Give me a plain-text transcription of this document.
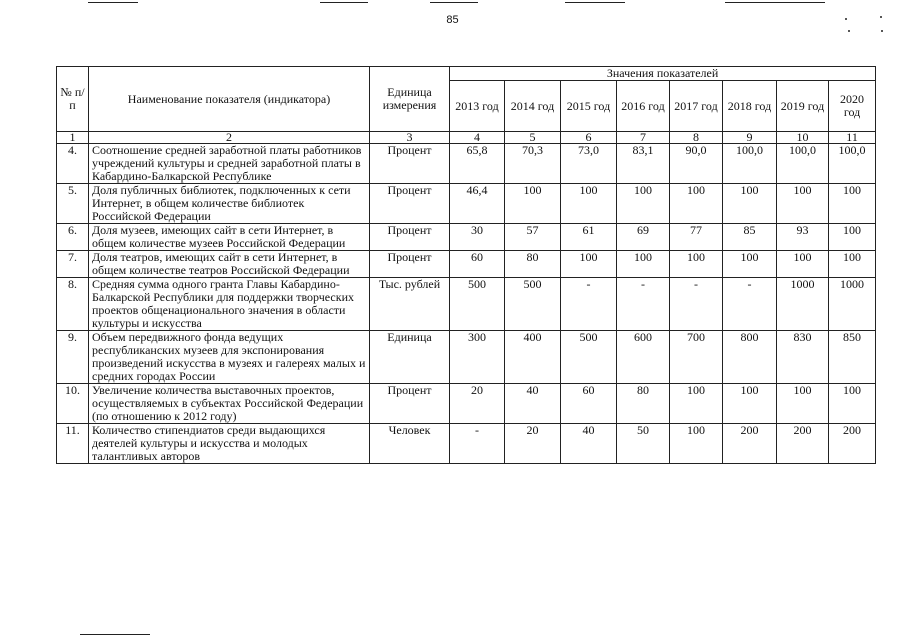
85
№ п/п	Наименование показателя (индикатора)	Единица измерения	Значения показателей							
			2013 год	2014 год	2015 год	2016 год	2017 год	2018 год	2019 год	2020 год
1	2	3	4	5	6	7	8	9	10	11
4.	Соотношение средней заработной платы работников учреждений культуры и средней заработной платы в Кабардино-Балкарской Республике	Процент	65,8	70,3	73,0	83,1	90,0	100,0	100,0	100,0
5.	Доля публичных библиотек, подключенных к сети Интернет, в общем количестве библиотек Российской Федерации	Процент	46,4	100	100	100	100	100	100	100
6.	Доля музеев, имеющих сайт в сети Интернет, в общем количестве музеев Российской Федерации	Процент	30	57	61	69	77	85	93	100
7.	Доля театров, имеющих сайт в сети Интернет, в общем количестве театров Российской Федерации	Процент	60	80	100	100	100	100	100	100
8.	Средняя сумма одного гранта Главы Кабардино-Балкарской Республики для поддержки творческих проектов общенационального значения в области культуры и искусства	Тыс. рублей	500	500	-	-	-	-	1000	1000
9.	Объем передвижного фонда ведущих республиканских музеев для экспонирования произведений искусства в музеях и галереях малых и средних городах России	Единица	300	400	500	600	700	800	830	850
10.	Увеличение количества выставочных проектов, осуществляемых в субъектах Российской Федерации (по отношению к 2012 году)	Процент	20	40	60	80	100	100	100	100
11.	Количество стипендиатов среди выдающихся деятелей культуры и искусства и молодых талантливых авторов	Человек	-	20	40	50	100	200	200	200
